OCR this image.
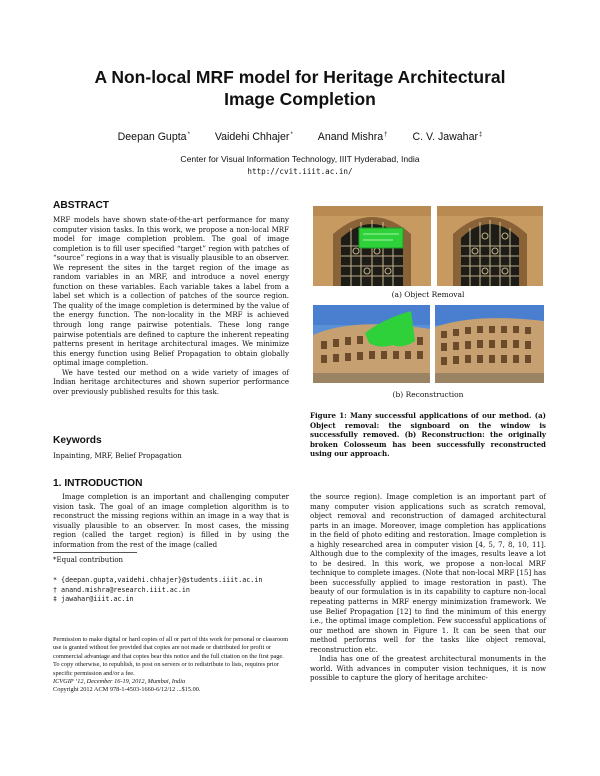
A Non-local MRF model for Heritage Architectural
Image Completion
Deepan Gupta* Vaidehi Chhajer* Anand Mishra† C. V. Jawahar‡
Center for Visual Information Technology, IIIT Hyderabad, India
http://cvit.iiit.ac.in/
ABSTRACT

MRF models have shown state-of-the-art performance for many computer vision tasks. In this work, we propose a non-local MRF model for image completion problem. The goal of image completion is to fill user specified “target” region with patches of “source” regions in a way that is visually plausible to an observer. We represent the sites in the target region of the image as random variables in an MRF, and introduce a novel energy function on these variables. Each variable takes a label from a label set which is a collection of patches of the source region. The quality of the image completion is determined by the value of the energy function. The non-locality in the MRF is achieved through long range pairwise potentials. These long range pairwise potentials are defined to capture the inherent repeating patterns present in heritage architectural images. We minimize this energy function using Belief Propagation to obtain globally optimal image completion.

We have tested our method on a wide variety of images of Indian heritage architectures and shown superior performance over previously published results for this task.

Keywords
Inpainting, MRF, Belief Propagation
1. INTRODUCTION

Image completion is an important and challenging computer vision task. The goal of an image completion algorithm is to reconstruct the missing regions within an image in a way that is visually plausible to an observer. In most cases, the missing region (called the target region) is filled in by using the information from the rest of the image (called

*Equal contribution
* {deepan.gupta,vaidehi.chhajer}@students.iiit.ac.in
† anand.mishra@research.iiit.ac.in
‡ jawahar@iiit.ac.in
Permission to make digital or hard copies of all or part of this work for personal or classroom use is granted without fee provided that copies are not made or distributed for profit or commercial advantage and that copies bear this notice and the full citation on the first page. To copy otherwise, to republish, to post on servers or to redistribute to lists, requires prior specific permission and/or a fee.
ICVGIP ’12, December 16-19, 2012, Mumbai, India
Copyright 2012 ACM 978-1-4503-1660-6/12/12 ...$15.00.
(a) Object Removal
(b) Reconstruction
Figure 1: Many successful applications of our method. (a) Object removal: the signboard on the window is successfully removed. (b) Reconstruction: the originally broken Colosseum has been successfully reconstructed using our approach.

the source region). Image completion is an important part of many computer vision applications such as scratch removal, object removal and reconstruction of damaged architectural parts in an image. Moreover, image completion has applications in the field of photo editing and restoration. Image completion is a highly researched area in computer vision [4, 5, 7, 8, 10, 11]. Although due to the complexity of the images, results leave a lot to be desired. In this work, we propose a non-local MRF technique to complete images. (Note that non-local MRF [15] has been successfully applied to image restoration in past). The beauty of our formulation is in its capability to capture non-local repeating patterns in MRF energy minimization framework. We use Belief Propagation [12] to find the minimum of this energy i.e., the optimal image completion. Few successful applications of our method are shown in Figure 1. It can be seen that our method performs well for the tasks like object removal, reconstruction etc.

India has one of the greatest architectural monuments in the world. With advances in computer vision techniques, it is now possible to capture the glory of heritage architec-
